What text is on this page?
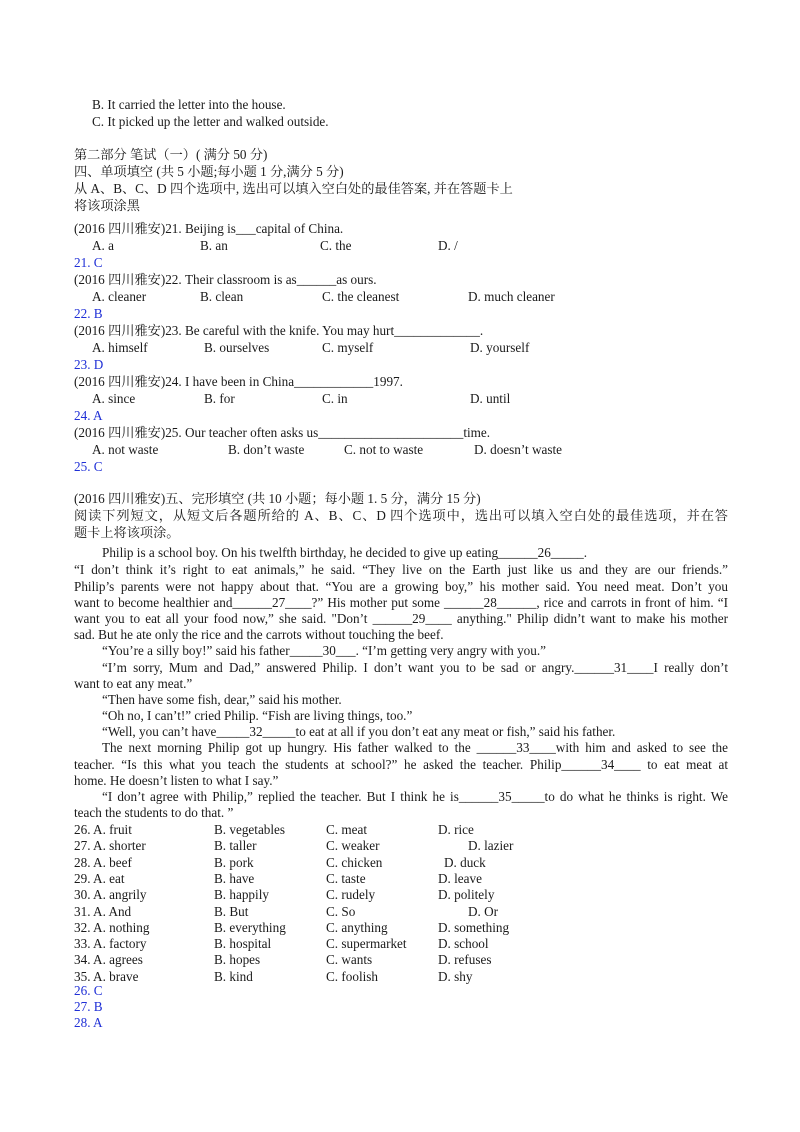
B. It carried the letter into the house.
C. It picked up the letter and walked outside.
第二部分 笔试（一）( 满分 50 分)
四、单项填空 (共 5 小题;每小题 1 分,满分 5 分)
从 A、B、C、D 四个选项中, 选出可以填入空白处的最佳答案, 并在答题卡上
将该项涂黑
(2016 四川雅安)21. Beijing is___capital of China.

A. a

	B. an

	C. the

	D. /

21. C
(2016 四川雅安)22. Their classroom is as______as ours.

A. cleaner

	B. clean

	C. the cleanest

	D. much cleaner

22. B
(2016 四川雅安)23. Be careful with the knife. You may hurt_____________.

A. himself

	B. ourselves

	C. myself

	D. yourself

23. D
(2016 四川雅安)24. I have been in China____________1997.

A. since

	B. for

	C. in

	D. until

24. A
(2016 四川雅安)25. Our teacher often asks us______________________time.

A. not waste

	B. don’t waste

	C. not to waste

	D. doesn’t waste

25. C
(2016 四川雅安)五、完形填空 (共 10 小题；每小题 1. 5 分，满分 15 分)
阅读下列短文，从短文后各题所给的 A、B、C、D 四个选项中，选出可以填入空白处的最佳选项，并在答
题卡上将该项涂。
Philip is a school boy. On his twelfth birthday, he decided to give up eating______26_____.
“I don’t think it’s right to eat animals,” he said. “They live on the Earth just like us and they are our friends.”
Philip’s parents were not happy about that. “You are a growing boy,” his mother said. You need meat. Don’t you
want to become healthier and______27____?” His mother put some ______28______, rice and carrots in front of him. “I
want you to eat all your food now,” she said. "Don’t ______29____ anything." Philip didn’t want to make his mother
sad. But he ate only the rice and the carrots without touching the beef.
“You’re a silly boy!” said his father_____30___. “I’m getting very angry with you.”
“I’m sorry, Mum and Dad,” answered Philip. I don’t want you to be sad or angry.______31____I really don’t
want to eat any meat.”
“Then have some fish, dear,” said his mother.
“Oh no, I can’t!” cried Philip. “Fish are living things, too.”
“Well, you can’t have_____32_____to eat at all if you don’t eat any meat or fish,” said his father.
The next morning Philip got up hungry. His father walked to the ______33____with him and asked to see the
teacher. “Is this what you teach the students at school?” he asked the teacher. Philip______34____ to eat meat at
home. He doesn’t listen to what I say.”
“I don’t agree with Philip,” replied the teacher. But I think he is______35_____to do what he thinks is right. We
teach the students to do that. ”
26. A. fruit	B. vegetables	C. meat	D. rice
27. A. shorter	B. taller	C. weaker	D. lazier
28. A. beef	B. pork	C. chicken	D. duck
29. A. eat	B. have	C. taste	D. leave
30. A. angrily	B. happily	C. rudely	D. politely
31. A. And	B. But	C. So	D. Or
32. A. nothing	B. everything	C. anything	D. something
33. A. factory	B. hospital	C. supermarket D. school
34. A. agrees	B. hopes	C. wants	D. refuses
35. A. brave	B. kind	C. foolish	D. shy
26. C
27. B
28. A
